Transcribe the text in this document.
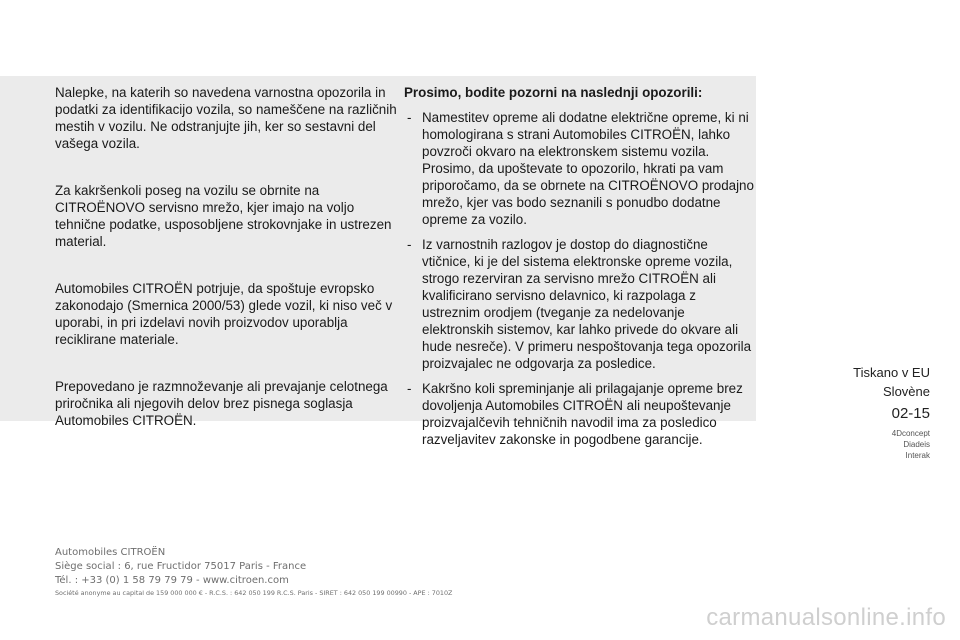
Nalepke, na katerih so navedena varnostna opozorila in podatki za identifikacijo vozila, so nameščene na različnih mestih v vozilu. Ne odstranjujte jih, ker so sestavni del vašega vozila.

Za kakršenkoli poseg na vozilu se obrnite na CITROËNOVO servisno mrežo, kjer imajo na voljo tehnične podatke, usposobljene strokovnjake in ustrezen material.

Automobiles CITROËN potrjuje, da spoštuje evropsko zakonodajo (Smernica 2000/53) glede vozil, ki niso več v uporabi, in pri izdelavi novih proizvodov uporablja reciklirane materiale.

Prepovedano je razmnoževanje ali prevajanje celotnega priročnika ali njegovih delov brez pisnega soglasja Automobiles CITROËN.

Prosimo, bodite pozorni na naslednji opozorili:
- Namestitev opreme ali dodatne električne opreme, ki ni homologirana s strani Automobiles CITROËN, lahko povzroči okvaro na elektronskem sistemu vozila. Prosimo, da upoštevate to opozorilo, hkrati pa vam priporočamo, da se obrnete na CITROËNOVO prodajno mrežo, kjer vas bodo seznanili s ponudbo dodatne opreme za vozilo.
- Iz varnostnih razlogov je dostop do diagnostične vtičnice, ki je del sistema elektronske opreme vozila, strogo rezerviran za servisno mrežo CITROËN ali kvalificirano servisno delavnico, ki razpolaga z ustreznim orodjem (tveganje za nedelovanje elektronskih sistemov, kar lahko privede do okvare ali hude nesreče). V primeru nespoštovanja tega opozorila proizvajalec ne odgovarja za posledice.
- Kakršno koli spreminjanje ali prilagajanje opreme brez dovoljenja Automobiles CITROËN ali neupoštevanje proizvajalčevih tehničnih navodil ima za posledico razveljavitev zakonske in pogodbene garancije.
Tiskano v EU
Slovène
02-15
4Dconcept
Diadeis
Interak
Automobiles CITROËN
Siège social : 6, rue Fructidor 75017 Paris - France
Tél. : +33 (0) 1 58 79 79 79 - www.citroen.com
Société anonyme au capital de 159 000 000 € - R.C.S. : 642 050 199 R.C.S. Paris - SIRET : 642 050 199 00990 - APE : 7010Z
carmanualsonline.info
